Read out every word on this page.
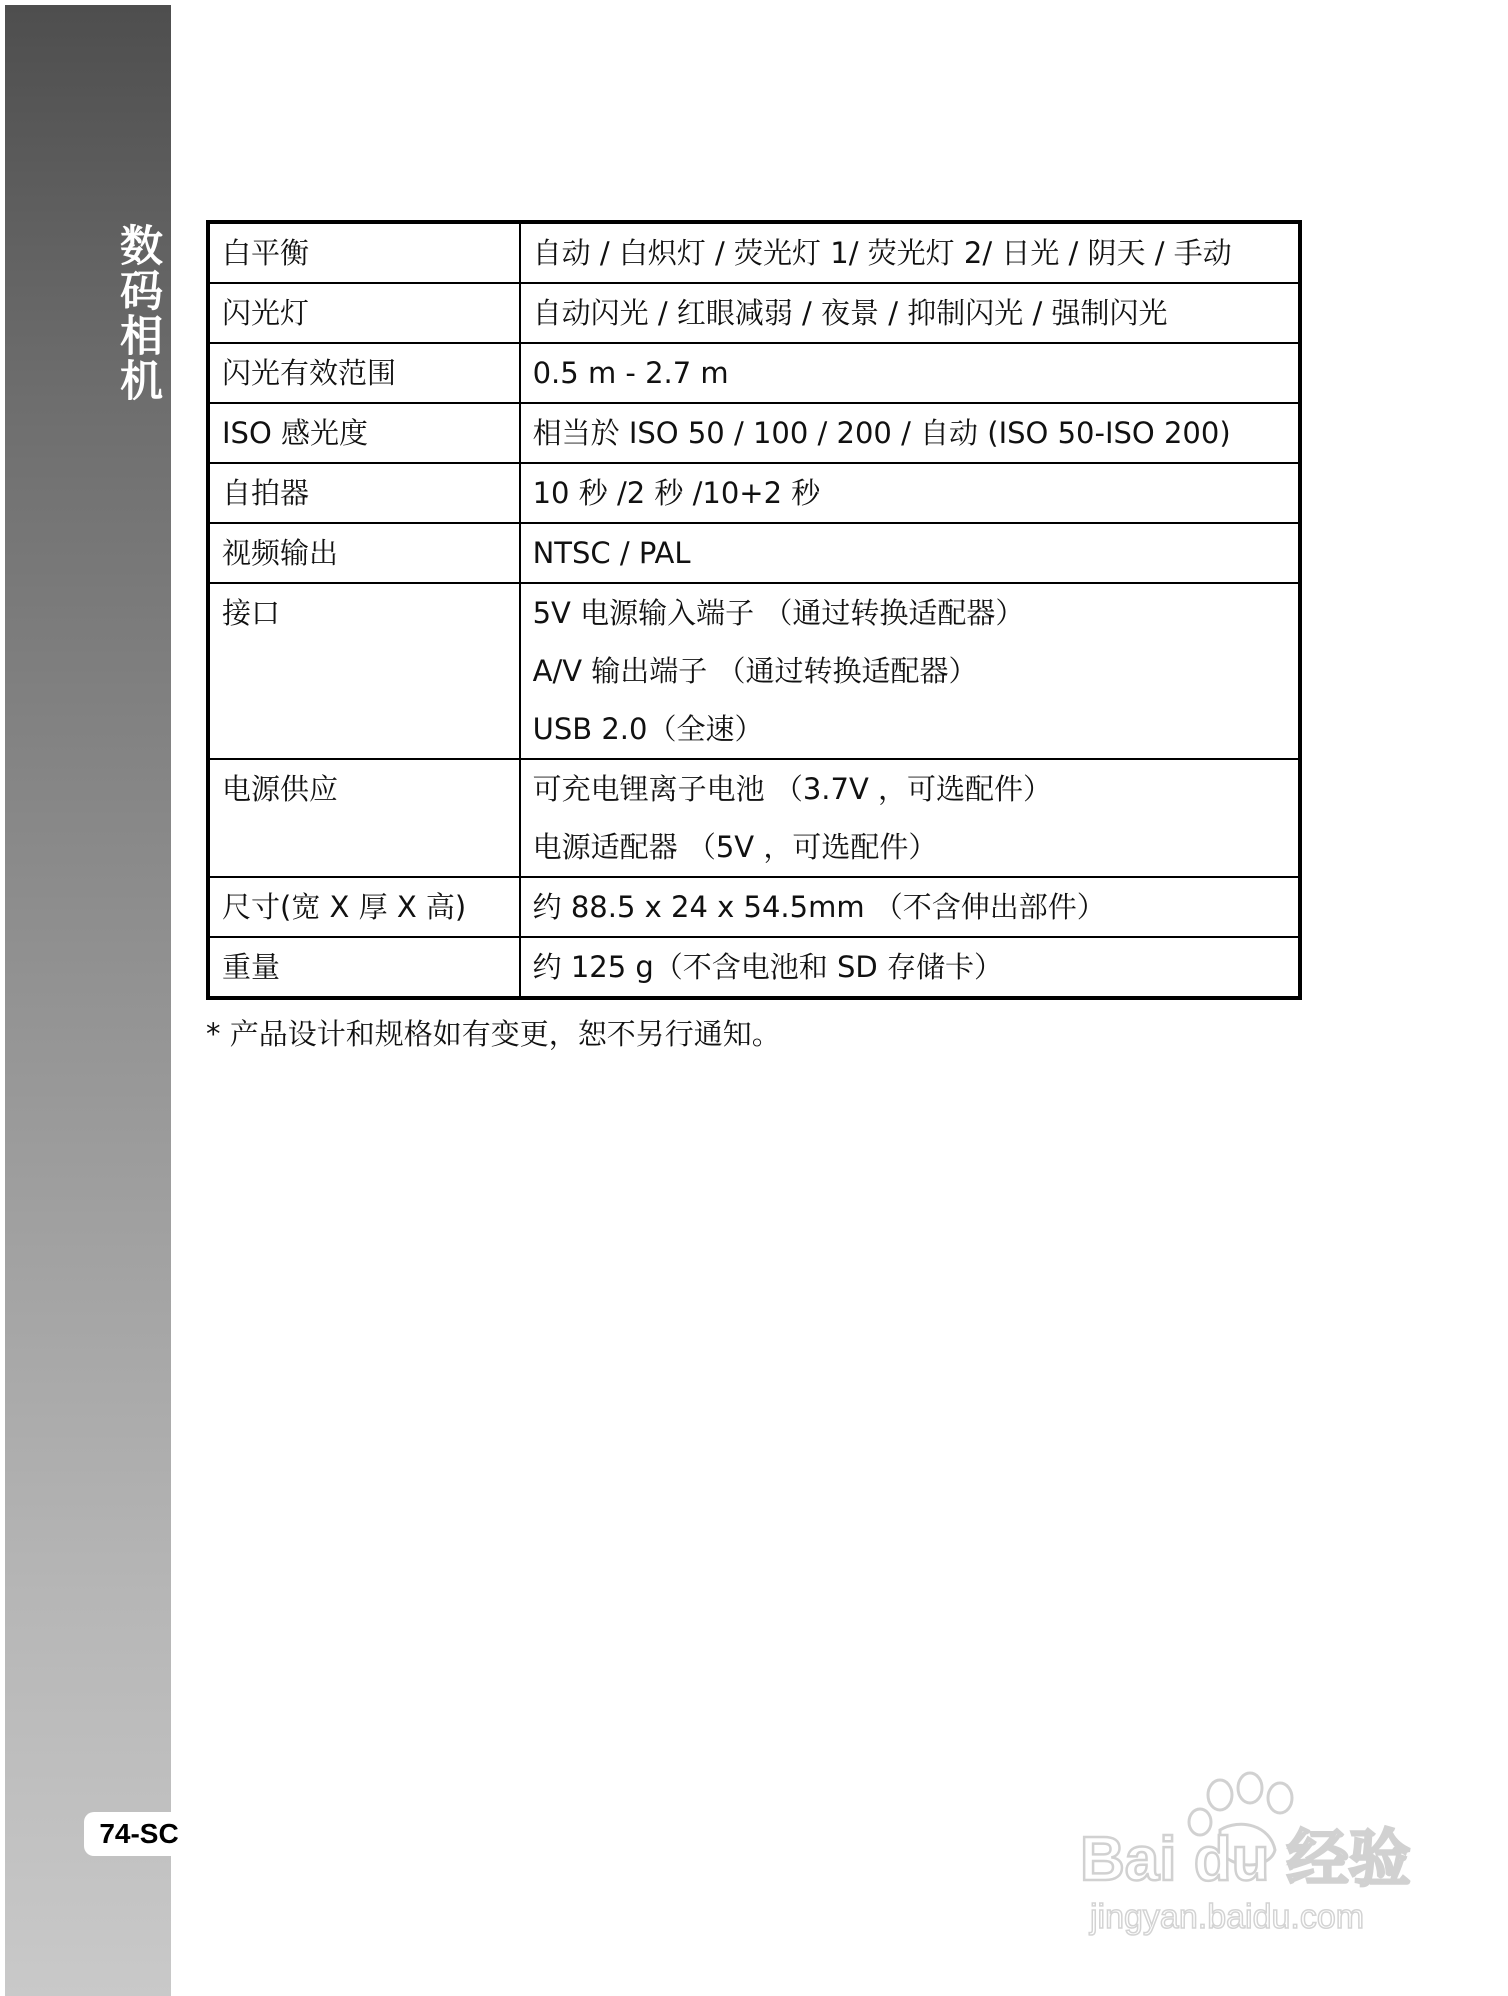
数码相机
74-SC
白平衡	自动 / 白炽灯 / 荧光灯 1/ 荧光灯 2/ 日光 / 阴天 / 手动

闪光灯	自动闪光 / 红眼减弱 / 夜景 / 抑制闪光 / 强制闪光

闪光有效范围	0.5 m - 2.7 m

ISO 感光度	相当於 ISO 50 / 100 / 200 / 自动 (ISO 50-ISO 200)

自拍器	10 秒 /2 秒 /10+2 秒

视频输出	NTSC / PAL

接口	5V 电源输入端子 （通过转换适配器）
A/V 输出端子 （通过转换适配器）
USB 2.0（全速）

电源供应	可充电锂离子电池 （3.7V ，可选配件）
电源适配器 （5V ，可选配件）

尺寸(宽 X 厚 X 高)	约 88.5 x 24 x 54.5mm （不含伸出部件）

重量	约 125 g（不含电池和 SD 存储卡）
* 产品设计和规格如有变更，恕不另行通知。
Bai du 经验
jingyan.baidu.com
